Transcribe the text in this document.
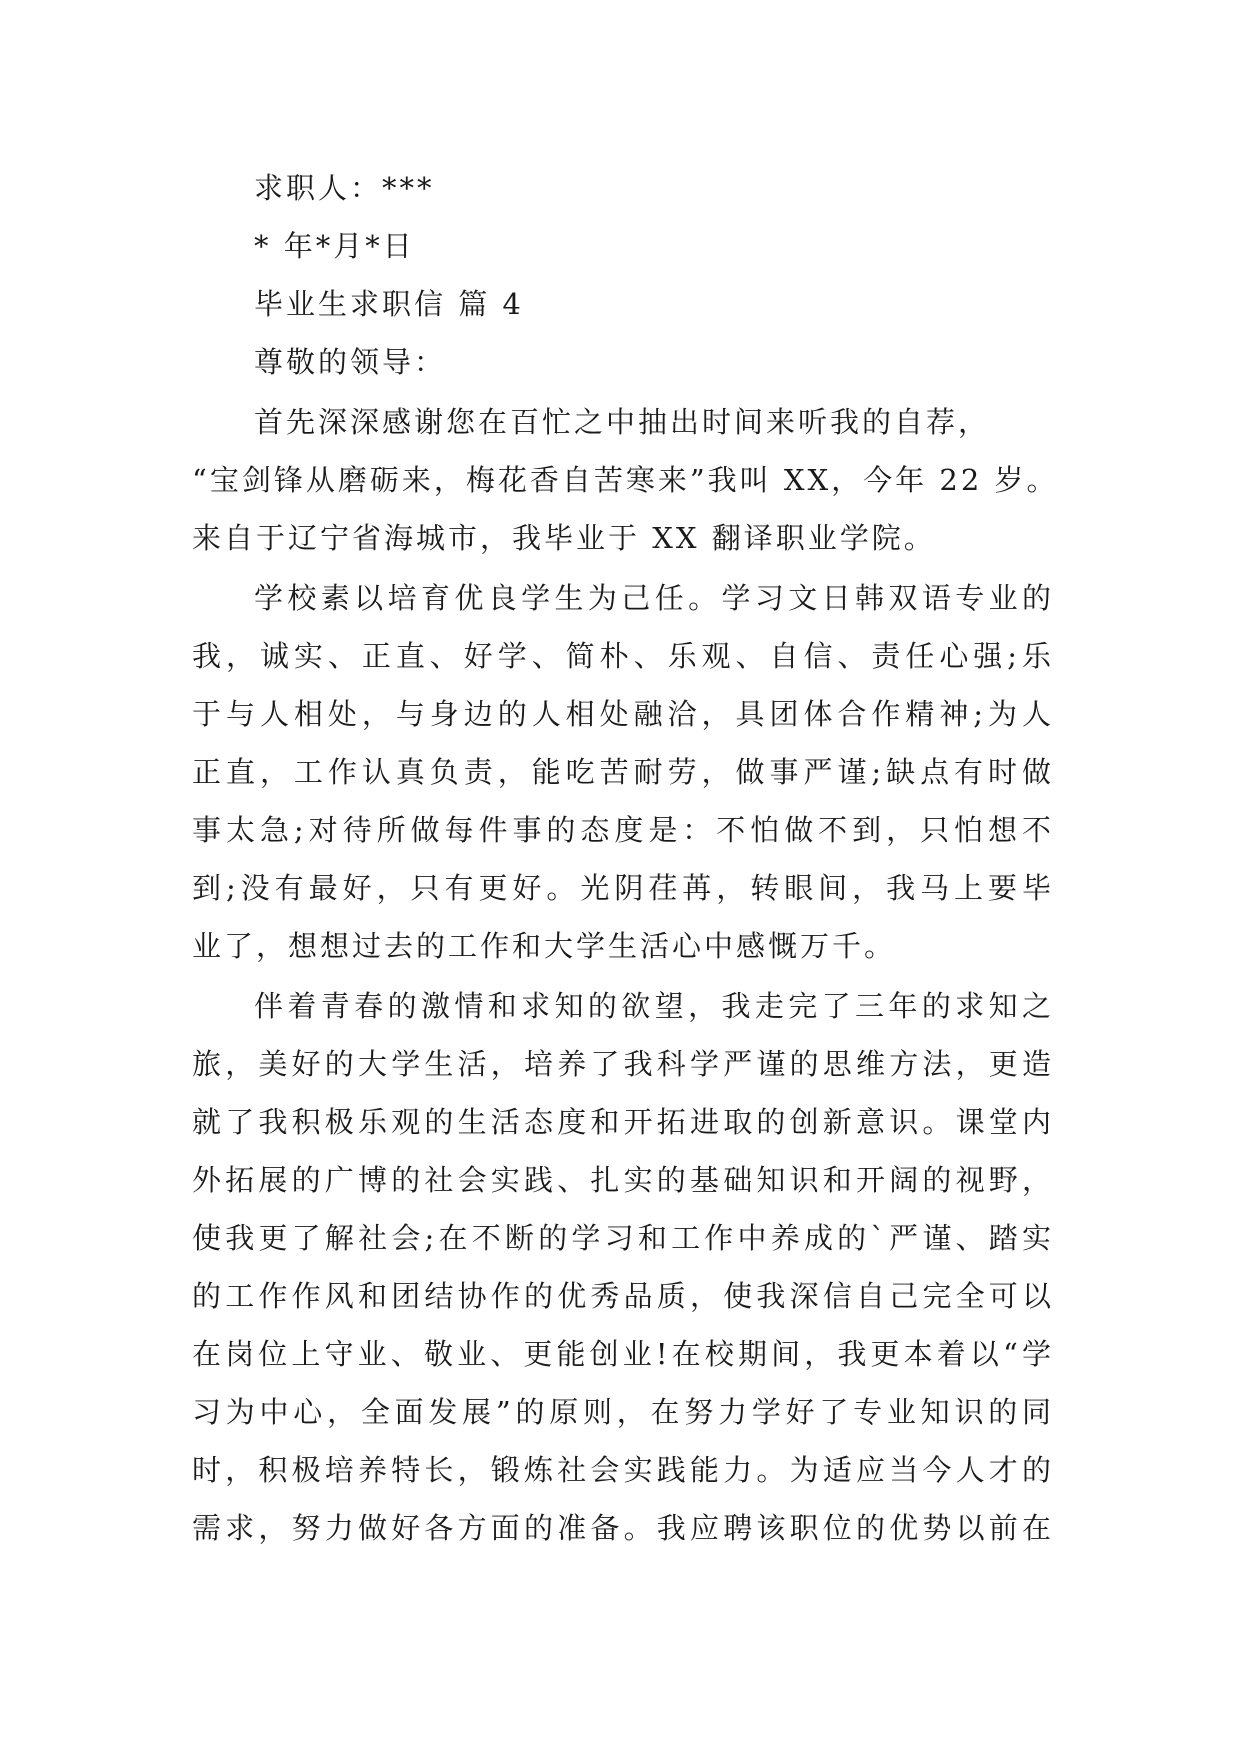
求职人：***
* 年*月*日
毕业生求职信 篇 4
尊敬的领导：
首先深深感谢您在百忙之中抽出时间来听我的自荐，
“宝剑锋从磨砺来，梅花香自苦寒来”我叫 XX，今年 22 岁。
来自于辽宁省海城市，我毕业于 XX 翻译职业学院。
学校素以培育优良学生为己任。学习文日韩双语专业的
我，诚实、正直、好学、简朴、乐观、自信、责任心强;乐
于与人相处，与身边的人相处融洽，具团体合作精神;为人
正直，工作认真负责，能吃苦耐劳，做事严谨;缺点有时做
事太急;对待所做每件事的态度是：不怕做不到，只怕想不
到;没有最好，只有更好。光阴荏苒，转眼间，我马上要毕
业了，想想过去的工作和大学生活心中感慨万千。
伴着青春的激情和求知的欲望，我走完了三年的求知之
旅，美好的大学生活，培养了我科学严谨的思维方法，更造
就了我积极乐观的生活态度和开拓进取的创新意识。课堂内
外拓展的广博的社会实践、扎实的基础知识和开阔的视野，
使我更了解社会;在不断的学习和工作中养成的`严谨、踏实
的工作作风和团结协作的优秀品质，使我深信自己完全可以
在岗位上守业、敬业、更能创业!在校期间，我更本着以“学
习为中心，全面发展”的原则，在努力学好了专业知识的同
时，积极培养特长，锻炼社会实践能力。为适应当今人才的
需求，努力做好各方面的准备。我应聘该职位的优势以前在
